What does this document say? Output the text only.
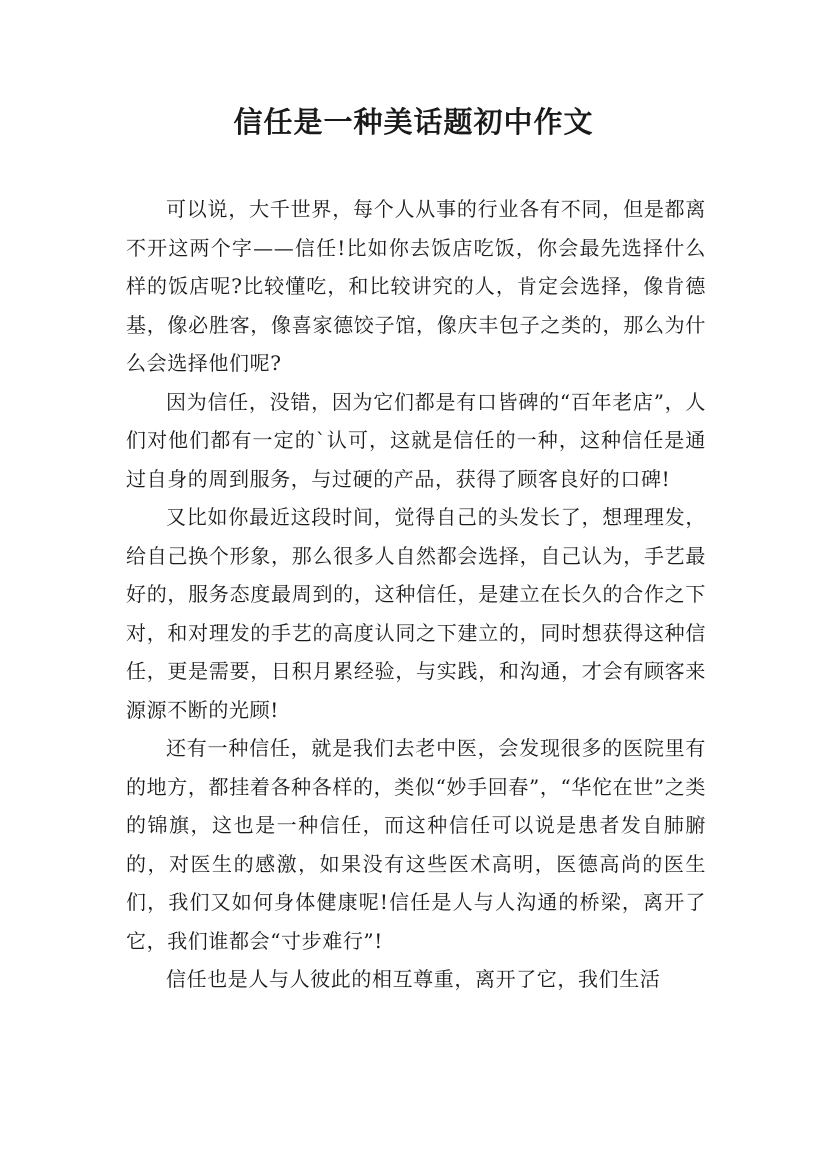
信任是一种美话题初中作文

可以说，大千世界，每个人从事的行业各有不同，但是都离不开这两个字——信任!比如你去饭店吃饭，你会最先选择什么样的饭店呢?比较懂吃，和比较讲究的人，肯定会选择，像肯德基，像必胜客，像喜家德饺子馆，像庆丰包子之类的，那么为什么会选择他们呢?

因为信任，没错，因为它们都是有口皆碑的“百年老店”，人们对他们都有一定的`认可，这就是信任的一种，这种信任是通过自身的周到服务，与过硬的产品，获得了顾客良好的口碑!

又比如你最近这段时间，觉得自己的头发长了，想理理发，给自己换个形象，那么很多人自然都会选择，自己认为，手艺最好的，服务态度最周到的，这种信任，是建立在长久的合作之下对，和对理发的手艺的高度认同之下建立的，同时想获得这种信任，更是需要，日积月累经验，与实践，和沟通，才会有顾客来源源不断的光顾!

还有一种信任，就是我们去老中医，会发现很多的医院里有的地方，都挂着各种各样的，类似“妙手回春”，“华佗在世”之类的锦旗，这也是一种信任，而这种信任可以说是患者发自肺腑的，对医生的感激，如果没有这些医术高明，医德高尚的医生们，我们又如何身体健康呢!信任是人与人沟通的桥梁，离开了它，我们谁都会“寸步难行”!

信任也是人与人彼此的相互尊重，离开了它，我们生活
